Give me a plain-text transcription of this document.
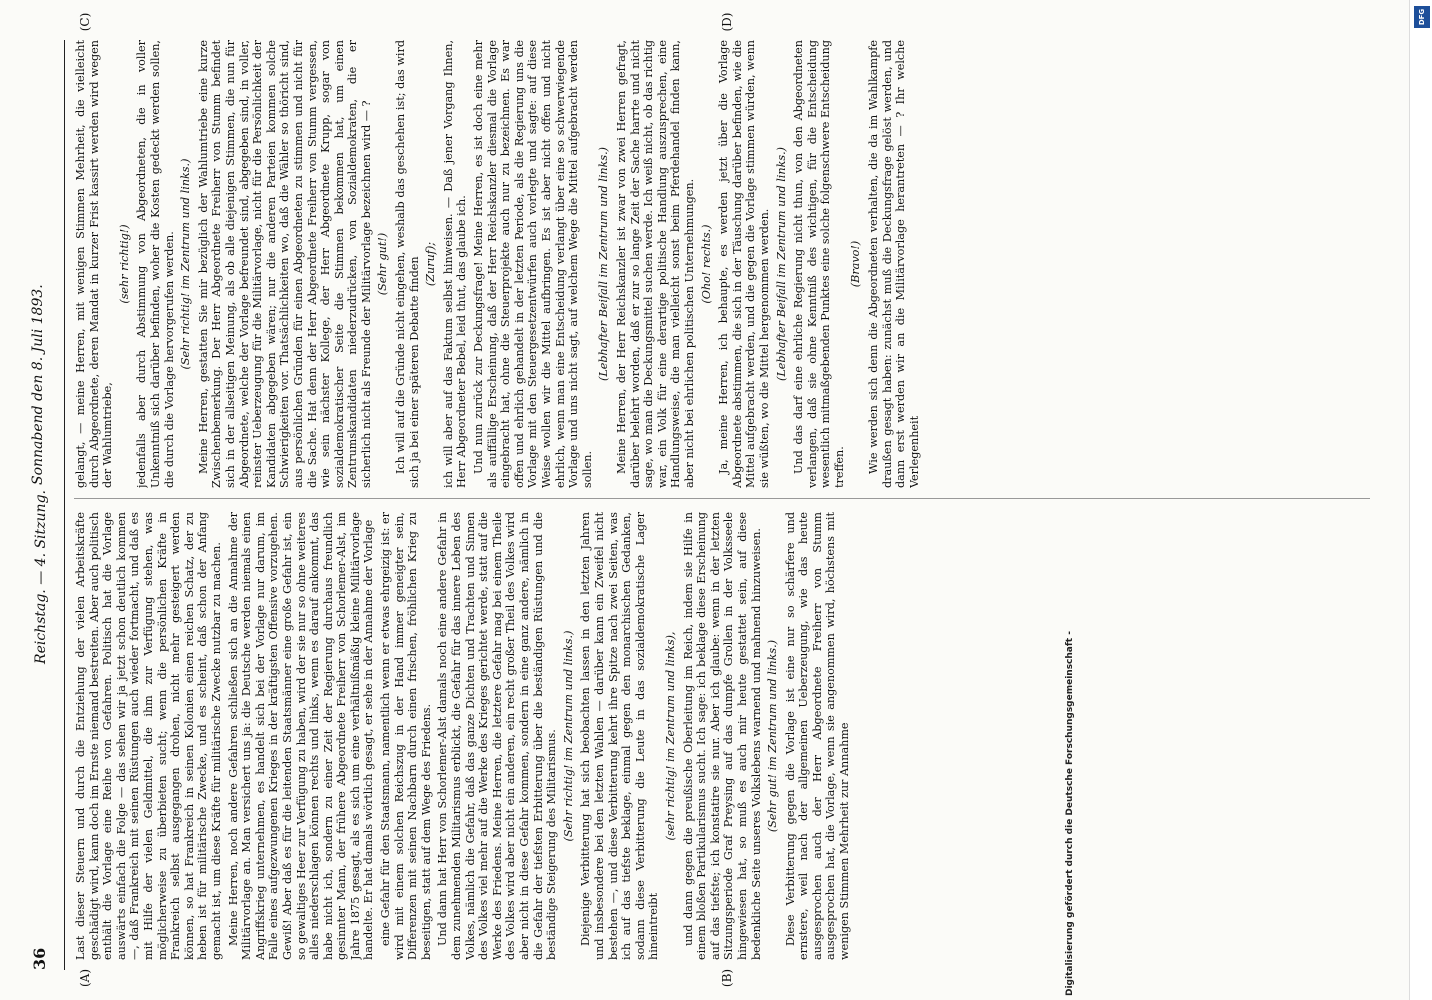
36
Reichstag. — 4. Sitzung.
Sonnabend den 8. Juli 1893.
(A)	(B)
(C)	(D)

Last dieser Steuern und durch die Entziehung der vielen Arbeitskräfte geschädigt wird, kann doch im Ernste niemand bestreiten. Aber auch politisch enthält die Vorlage eine Reihe von Gefahren. Politisch hat die Vorlage auswärts einfach die Folge — das sehen wir ja jetzt schon deutlich kommen —, daß Frankreich mit seinen Rüstungen auch wieder fortmacht, und daß es mit Hilfe der vielen Geldmittel, die ihm zur Verfügung stehen, was möglicherweise zu überbieten sucht; wenn die persönlichen Kräfte in Frankreich selbst ausgegangen drohen, nicht mehr gesteigert werden können, so hat Frankreich in seinen Kolonien einen reichen Schatz, der zu heben ist für militärische Zwecke, und es scheint, daß schon der Anfang gemacht ist, um diese Kräfte für militärische Zwecke nutzbar zu machen. Meine Herren, noch andere Gefahren schließen sich an die Annahme der Militärvorlage an. Man versichert uns ja: die Deutsche werden niemals einen Angriffskrieg unternehmen, es handelt sich bei der Vorlage nur darum, im Falle eines aufgezwungenen Krieges in der kräftigsten Offensive vorzugehen. Gewiß! Aber daß es für die leitenden Staatsmänner eine große Gefahr ist, ein so gewaltiges Heer zur Verfügung zu haben, wird der sie nur so ohne weiteres alles niederschlagen können rechts und links, wenn es darauf ankommt, das habe nicht ich, sondern zu einer Zeit der Regierung durchaus freundlich gesinnter Mann, der frühere Abgeordnete Freiherr von Schorlemer-Alst, im Jahre 1875 gesagt, als es sich um eine verhältnißmäßig kleine Militärvorlage handelte. Er hat damals wörtlich gesagt, er sehe in der Annahme der Vorlage eine Gefahr für den Staatsmann, namentlich wenn er etwas ehrgeizig ist: er wird mit einem solchen Reichszug in der Hand immer geneigter sein, Differenzen mit seinen Nachbarn durch einen frischen, fröhlichen Krieg zu beseitigen, statt auf dem Wege des Friedens. Und dann hat Herr von Schorlemer-Alst damals noch eine andere Gefahr in dem zunehmenden Militarismus erblickt, die Gefahr für das innere Leben des Volkes, nämlich die Gefahr, daß das ganze Dichten und Trachten und Sinnen des Volkes viel mehr auf die Werke des Krieges gerichtet werde, statt auf die Werke des Friedens. Meine Herren, die letztere Gefahr mag bei einem Theile des Volkes wird aber nicht ein anderen, ein recht großer Theil des Volkes wird aber nicht in diese Gefahr kommen, sondern in eine ganz andere, nämlich in die Gefahr der tiefsten Erbitterung über die beständigen Rüstungen und die beständige Steigerung des Militarismus. (Sehr richtig! im Zentrum und links.) Diejenige Verbitterung hat sich beobachten lassen in den letzten Jahren und insbesondere bei den letzten Wahlen — darüber kann ein Zweifel nicht bestehen —, und diese Verbitterung kehrt ihre Spitze nach zwei Seiten, was ich auf das tiefste beklage, einmal gegen den monarchischen Gedanken, sodann diese Verbitterung die Leute in das sozialdemokratische Lager hineintreibt

(sehr richtig! im Zentrum und links), und dann gegen die preußische Oberleitung im Reich, indem sie Hilfe in einem bloßen Partikularismus sucht. Ich sage: ich beklage diese Erscheinung auf das tiefste; ich konstatire sie nur. Aber ich glaube: wenn in der letzten Sitzungsperiode Graf Preysing auf das dumpfe Grollen in der Volksseele hingewiesen hat, so muß es auch mir heute gestattet sein, auf diese bedenkliche Seite unseres Volkslebens warnend und mahnend hinzuweisen. (Sehr gut! im Zentrum und links.) Diese Verbitterung gegen die Vorlage ist eine nur so schärfere und ernstere, weil nach der allgemeinen Ueberzeugung, wie das heute ausgesprochen auch der Herr Abgeordnete Freiherr von Stumm ausgesprochen hat, die Vorlage, wenn sie angenommen wird, höchstens mit wenigen Stimmen Mehrheit zur Annahme

gelangt, — meine Herren, mit wenigen Stimmen Mehrheit, die vielleicht durch Abgeordnete, deren Mandat in kurzer Frist kassirt werden wird wegen der Wahlumtriebe,

(sehr richtig!) jedenfalls aber durch Abstimmung von Abgeordneten, die in voller Unkenntniß sich darüber befinden, woher die Kosten gedeckt werden sollen, die durch die Vorlage hervorgerufen werden. (Sehr richtig! im Zentrum und links.) Meine Herren, gestatten Sie mir bezüglich der Wahlumtriebe eine kurze Zwischenbemerkung. Der Herr Abgeordnete Freiherr von Stumm befindet sich in der allseitigen Meinung, als ob alle diejenigen Stimmen, die nun für Abgeordnete, welche der Vorlage befreundet sind, abgegeben sind, in voller, reinster Ueberzeugung für die Militärvorlage, nicht für die Persönlichkeit der Kandidaten abgegeben wären; nur die anderen Parteien kommen solche Schwierigkeiten vor. Thatsächlichkeiten wo, daß die Wähler so thöricht sind, aus persönlichen Gründen für einen Abgeordneten zu stimmen und nicht für die Sache. Hat denn der Herr Abgeordnete Freiherr von Stumm vergessen, wie sein nächster Kollege, der Herr Abgeordnete Krupp, sogar von sozialdemokratischer Seite die Stimmen bekommen hat, um einen Zentrumskandidaten niederzudrücken, von Sozialdemokraten, die er sicherlich nicht als Freunde der Militärvorlage bezeichnen wird — ? (Sehr gut!) Ich will auf die Gründe nicht eingehen, weshalb das geschehen ist; das wird sich ja bei einer späteren Debatte finden (Zuruf); ich will aber auf das Faktum selbst hinweisen. — Daß jener Vorgang Ihnen, Herr Abgeordneter Bebel, leid thut, das glaube ich. Und nun zurück zur Deckungsfrage! Meine Herren, es ist doch eine mehr als auffällige Erscheinung, daß der Herr Reichskanzler diesmal die Vorlage eingebracht hat, ohne die Steuerprojekte auch nur zu bezeichnen. Es war offen und ehrlich gehandelt in der letzten Periode, als die Regierung uns die Vorlage mit den Steuergesetzentwürfen auch vorlegte und sagte: auf diese Weise wollen wir die Mittel aufbringen. Es ist aber nicht offen und nicht ehrlich, wenn man eine Entscheidung verlangt über eine so schwerwiegende Vorlage und uns nicht sagt, auf welchem Wege die Mittel aufgebracht werden sollen.

(Lebhafter Beifall im Zentrum und links.) Meine Herren, der Herr Reichskanzler ist zwar von zwei Herren gefragt, darüber belehrt worden, daß er zur so lange Zeit der Sache harrte und nicht sage, wo man die Deckungsmittel suchen werde. Ich weiß nicht, ob das richtig war, ein Volk für eine derartige politische Handlung auszusprechen, eine Handlungsweise, die man vielleicht sonst beim Pferdehandel finden kann, aber nicht bei ehrlichen politischen Unternehmungen. (Oho! rechts.) Ja, meine Herren, ich behaupte, es werden jetzt über die Vorlage Abgeordnete abstimmen, die sich in der Täuschung darüber befinden, wie die Mittel aufgebracht werden, und die gegen die Vorlage stimmen würden, wenn sie wüßten, wo die Mittel hergenommen werden. (Lebhafter Beifall im Zentrum und links.) Und das darf eine ehrliche Regierung nicht thun, von den Abgeordneten verlangen, daß sie ohne Kenntniß des wichtigen, für die Entscheidung wesentlich mitmaßgebenden Punktes eine solche folgenschwere Entscheidung treffen.

(Bravo!) Wie werden sich denn die Abgeordneten verhalten, die da im Wahlkampfe draußen gesagt haben: zunächst muß die Deckungsfrage gelöst werden, und dann erst werden wir an die Militärvorlage herantreten — ? Ihr welche Verlegenheit

DFG
Digitalisierung gefördert durch die Deutsche Forschungsgemeinschaft -
